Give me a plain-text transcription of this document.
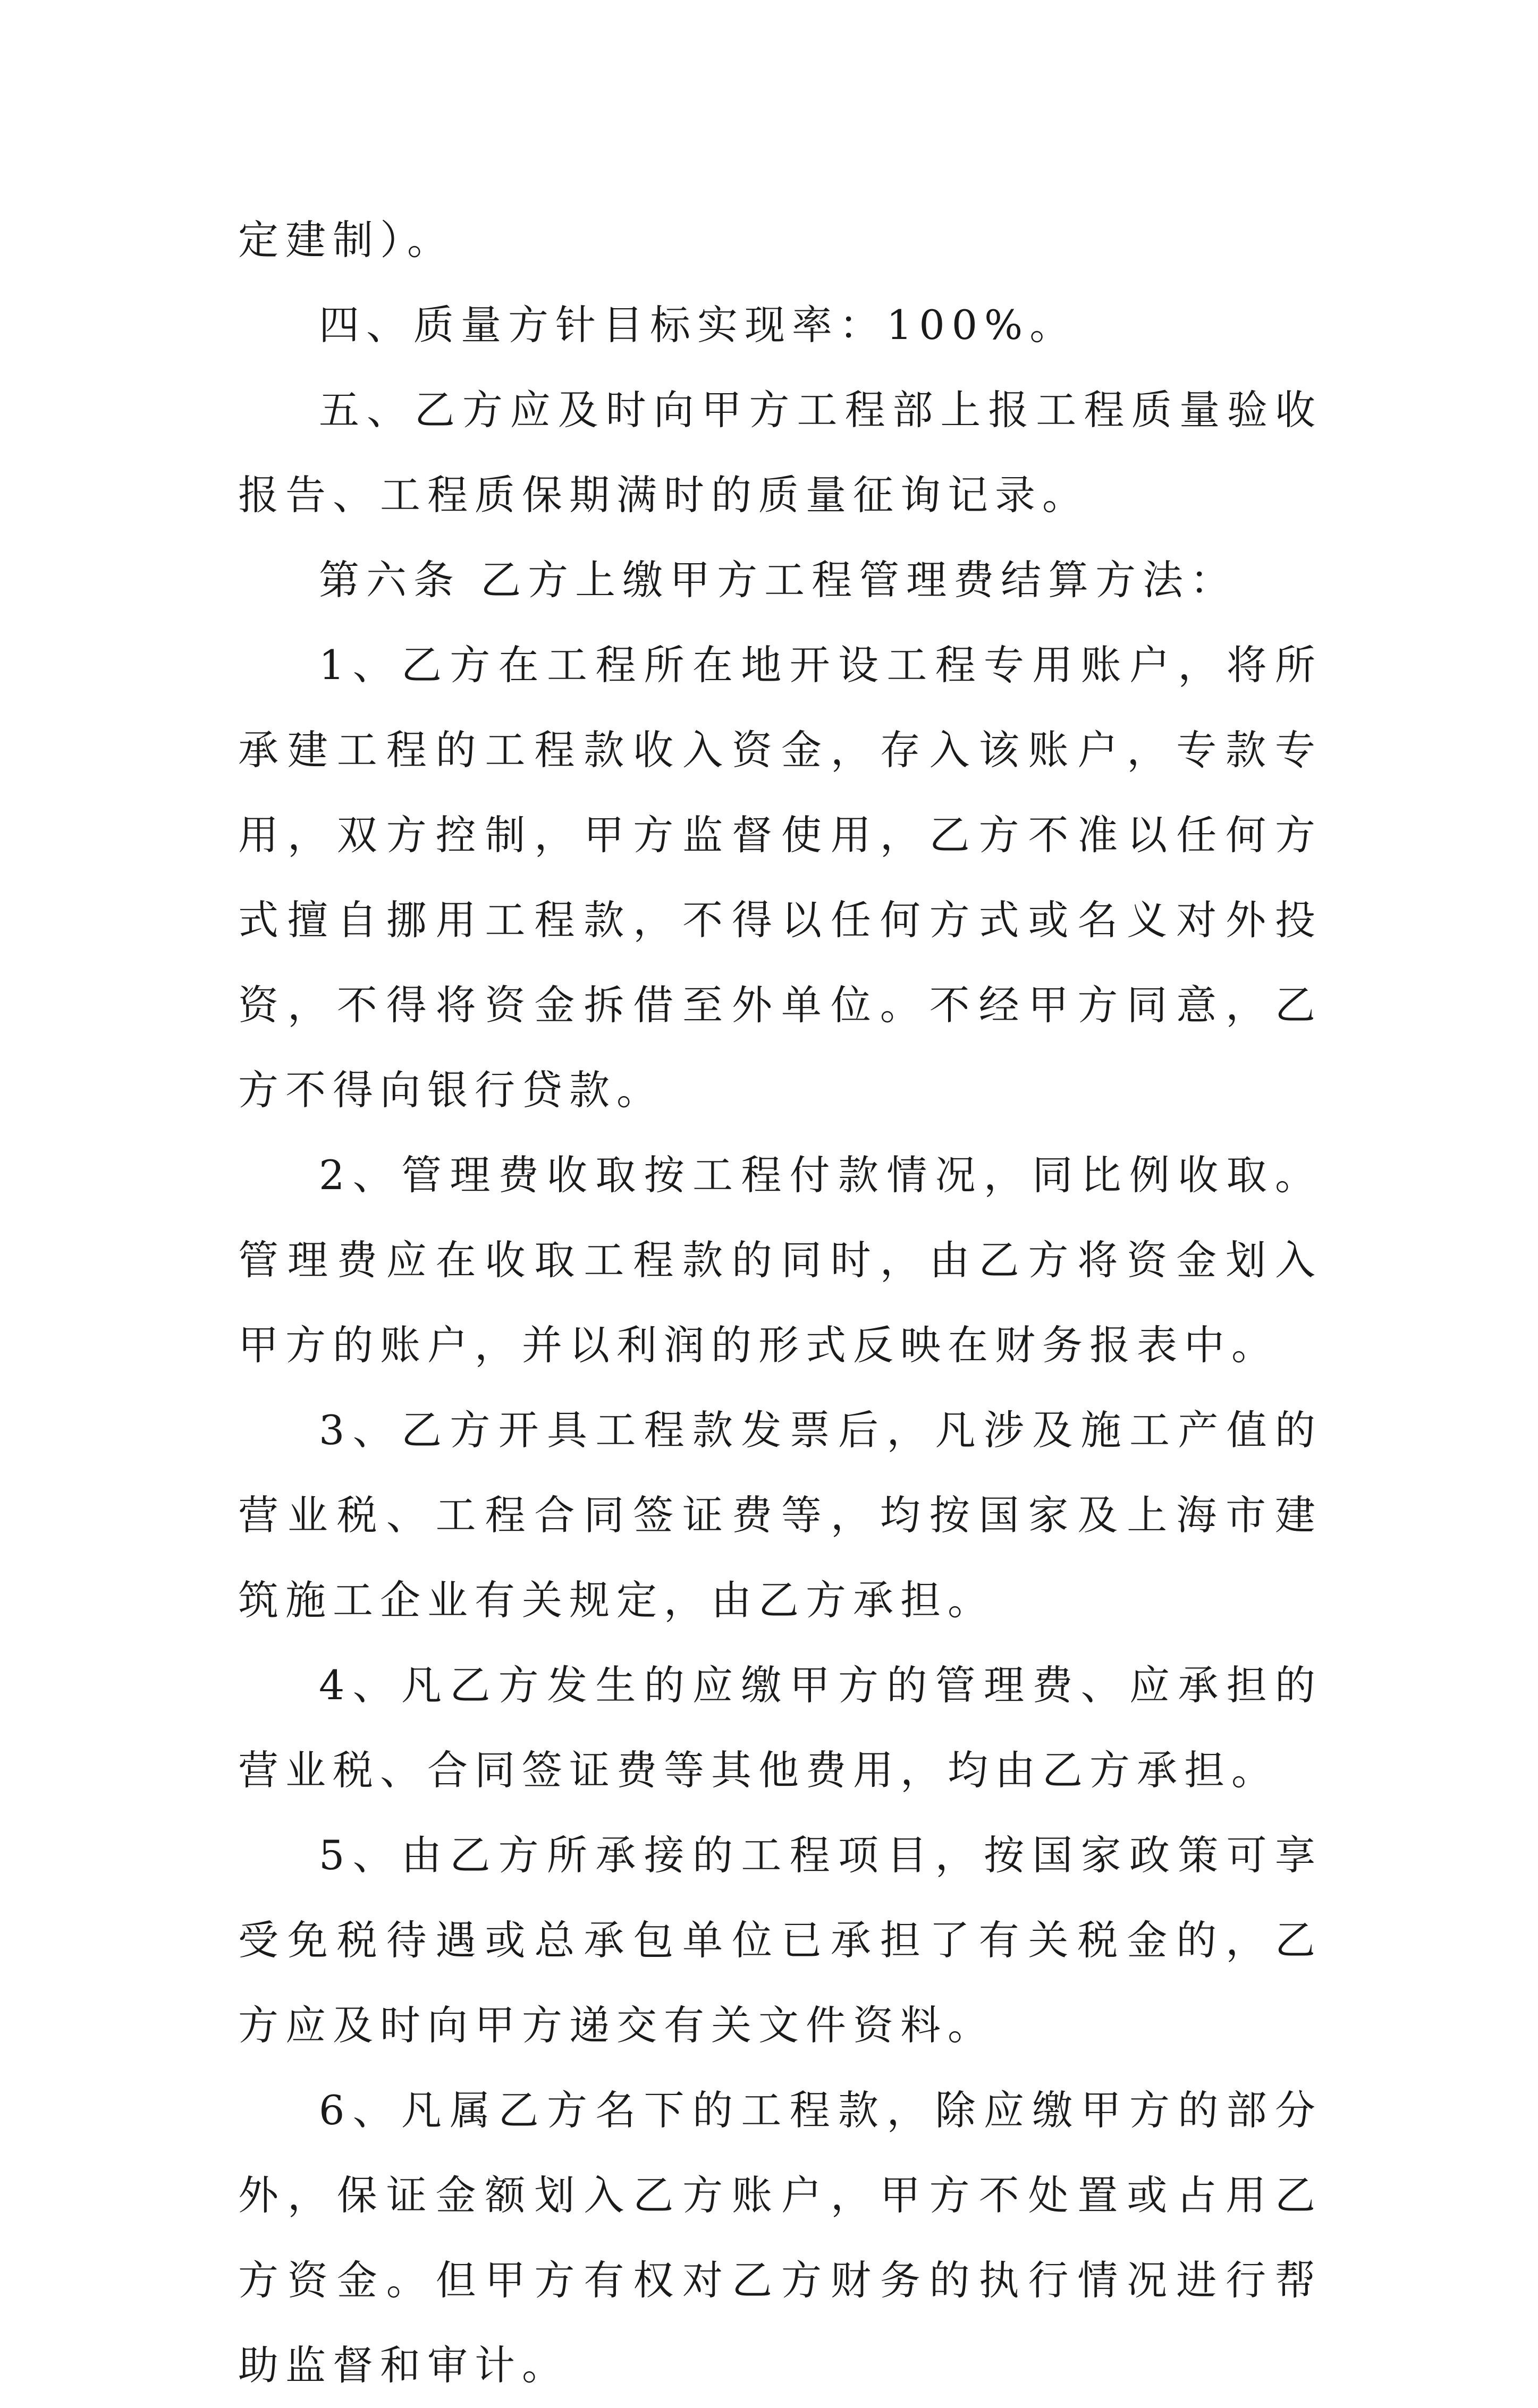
定建制）。

四、质量方针目标实现率：100%。

五、乙方应及时向甲方工程部上报工程质量验收报告、工程质保期满时的质量征询记录。

第六条 乙方上缴甲方工程管理费结算方法：

1、乙方在工程所在地开设工程专用账户，将所承建工程的工程款收入资金，存入该账户，专款专用，双方控制，甲方监督使用，乙方不准以任何方式擅自挪用工程款，不得以任何方式或名义对外投资，不得将资金拆借至外单位。不经甲方同意，乙方不得向银行贷款。

2、管理费收取按工程付款情况，同比例收取。管理费应在收取工程款的同时，由乙方将资金划入甲方的账户，并以利润的形式反映在财务报表中。

3、乙方开具工程款发票后，凡涉及施工产值的营业税、工程合同签证费等，均按国家及上海市建筑施工企业有关规定，由乙方承担。

4、凡乙方发生的应缴甲方的管理费、应承担的营业税、合同签证费等其他费用，均由乙方承担。

5、由乙方所承接的工程项目，按国家政策可享受免税待遇或总承包单位已承担了有关税金的，乙方应及时向甲方递交有关文件资料。

6、凡属乙方名下的工程款，除应缴甲方的部分外，保证金额划入乙方账户，甲方不处置或占用乙方资金。但甲方有权对乙方财务的执行情况进行帮助监督和审计。
